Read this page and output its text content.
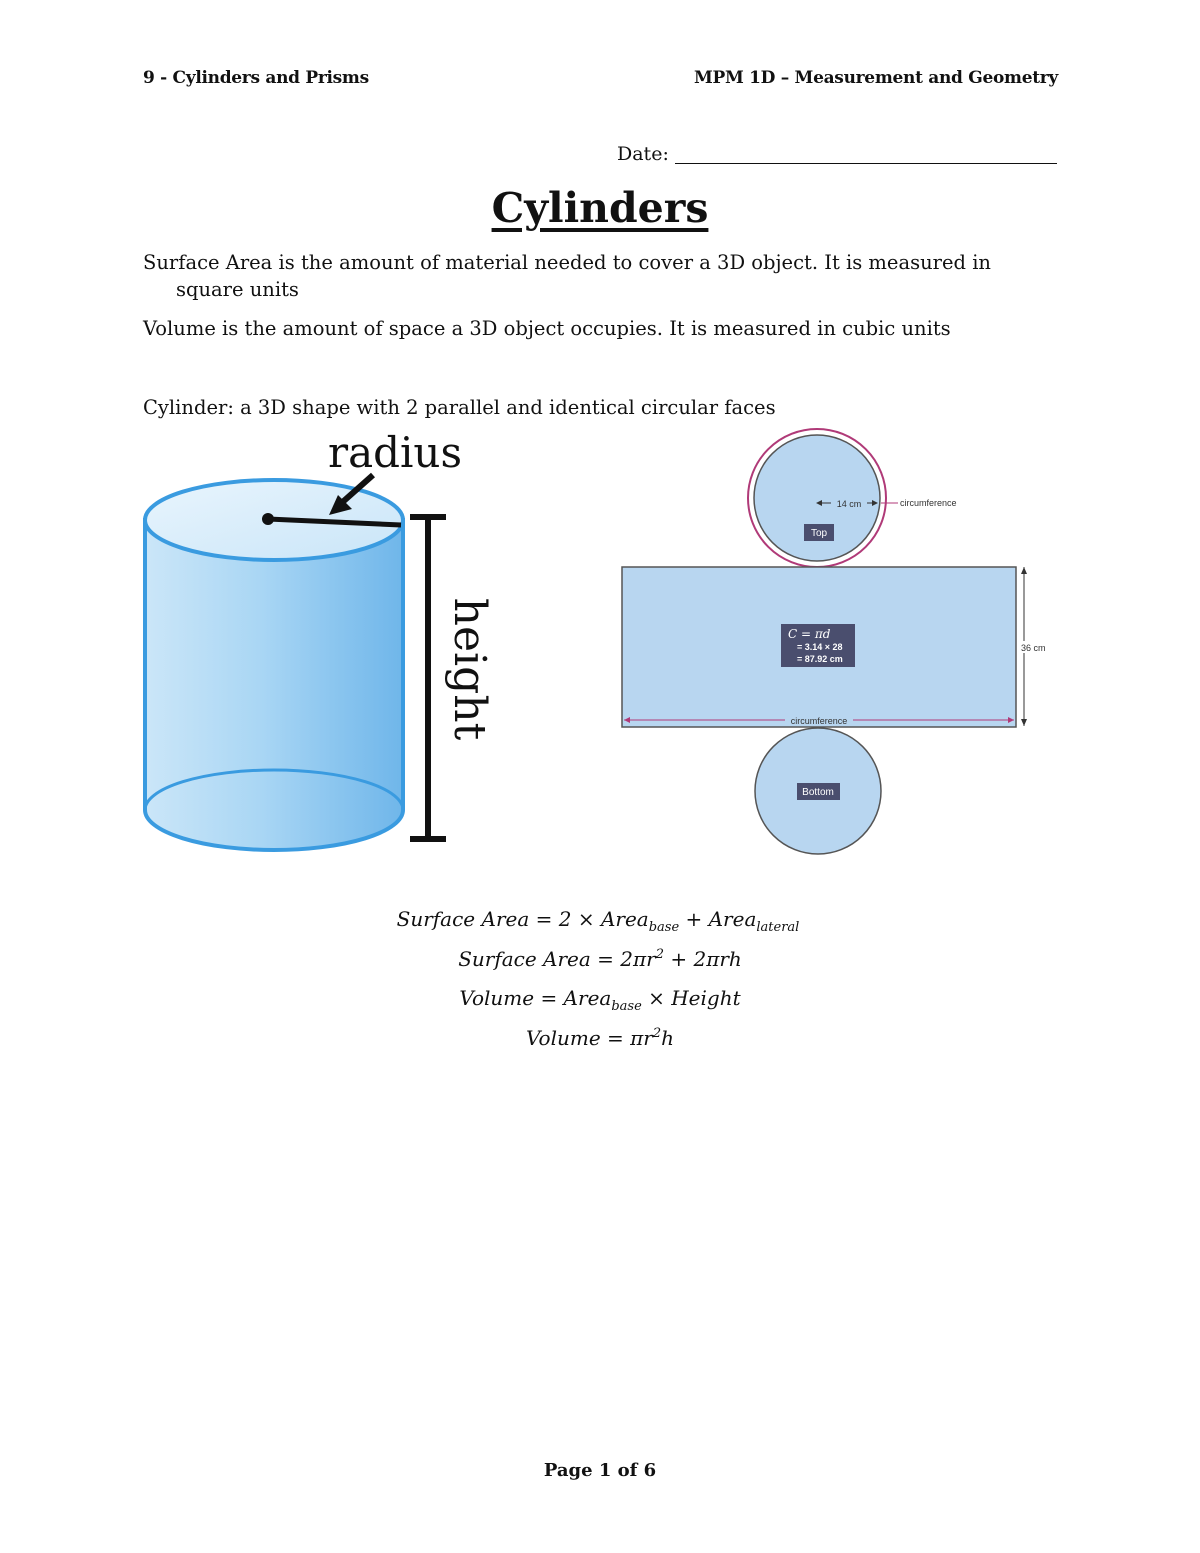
9 - Cylinders and Prisms	MPM 1D – Measurement and Geometry
Date:
Cylinders
Surface Area is the amount of material needed to cover a 3D object. It is measured in
square units
Volume is the amount of space a 3D object occupies. It is measured in cubic units
Cylinder: a 3D shape with 2 parallel and identical circular faces
radius
height
14 cm	circumference
Top
C = πd
= 3.14 × 28
= 87.92 cm
36 cm
circumference
Bottom
Surface Area = 2 × Area$_{base}$ + Area$_{lateral}$
Surface Area = $2\pi r^2 + 2\pi rh$
Volume = Area$_{base}$ × Height
Volume = $\pi r^2h$
Page 1 of 6
